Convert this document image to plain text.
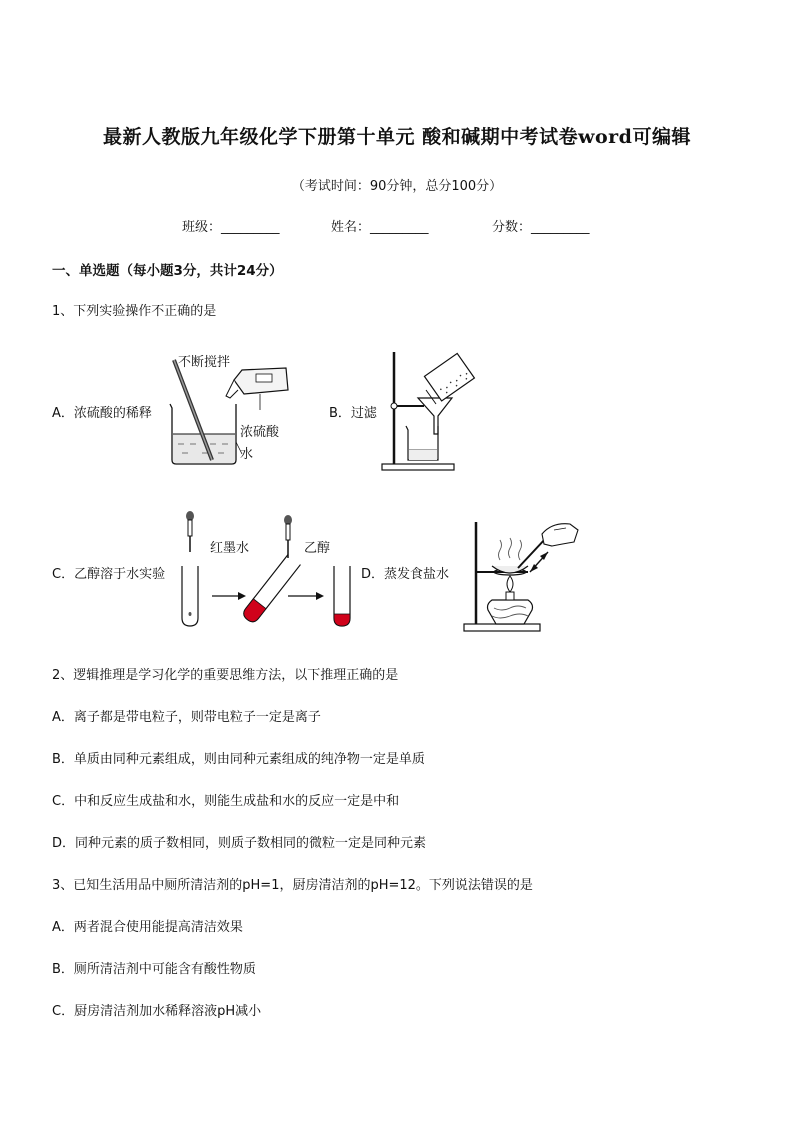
最新人教版九年级化学下册第十单元 酸和碱期中考试卷word可编辑
（考试时间：90分钟，总分100分）
班级：_________	姓名：_________	分数：_________
一、单选题（每小题3分，共计24分）
1、下列实验操作不正确的是
A．浓硫酸的稀释
不断搅拌
浓硫酸
水
B．过滤
C．乙醇溶于水实验
红墨水	乙醇
D．蒸发食盐水
2、逻辑推理是学习化学的重要思维方法，以下推理正确的是
A．离子都是带电粒子，则带电粒子一定是离子
B．单质由同种元素组成，则由同种元素组成的纯净物一定是单质
C．中和反应生成盐和水，则能生成盐和水的反应一定是中和
D．同种元素的质子数相同，则质子数相同的微粒一定是同种元素
3、已知生活用品中厕所清洁剂的pH=1，厨房清洁剂的pH=12。下列说法错误的是
A．两者混合使用能提高清洁效果
B．厕所清洁剂中可能含有酸性物质
C．厨房清洁剂加水稀释溶液pH减小
